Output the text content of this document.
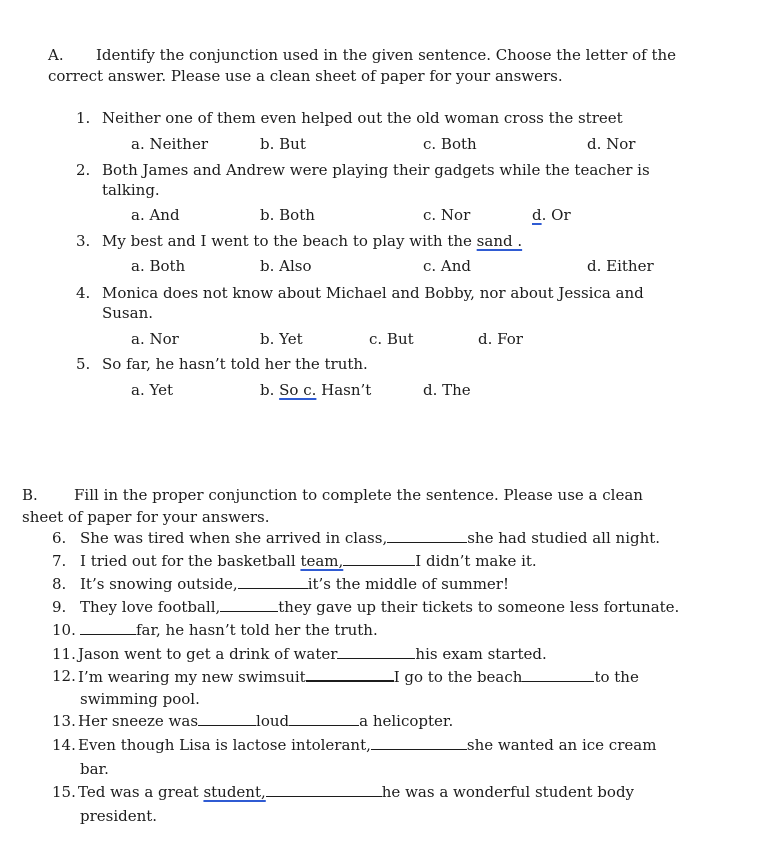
A. Identify the conjunction used in the given sentence. Choose the letter of the
correct answer. Please use a clean sheet of paper for your answers.
1. Neither one of them even helped out the old woman cross the street
a. Neither	b. But	c. Both	d. Nor
2. Both James and Andrew were playing their gadgets while the teacher is
talking.
a. And	b. Both	c. Nor	d. Or
3. My best and I went to the beach to play with the sand .
a. Both	b. Also	c. And	d. Either
4. Monica does not know about Michael and Bobby, nor about Jessica and
Susan.
a. Nor	b. Yet	c. But	d. For
5. So far, he hasn’t told her the truth.
a. Yet	b. So c. Hasn’t	d. The
B. Fill in the proper conjunction to complete the sentence. Please use a clean
sheet of paper for your answers.
6. She was tired when she arrived in class,	she had studied all night.
7. I tried out for the basketball team,	I didn’t make it.
8. It’s snowing outside,	it’s the middle of summer!
9. They love football,	they gave up their tickets to someone less fortunate.
10.	far, he hasn’t told her the truth.
11. Jason went to get a drink of water	his exam started.
12. I’m wearing my new swimsuit	I go to the beach	to the
swimming pool.
13. Her sneeze was	loud	a helicopter.
14. Even though Lisa is lactose intolerant,	she wanted an ice cream
bar.
15. Ted was a great student,	he was a wonderful student body
president.
